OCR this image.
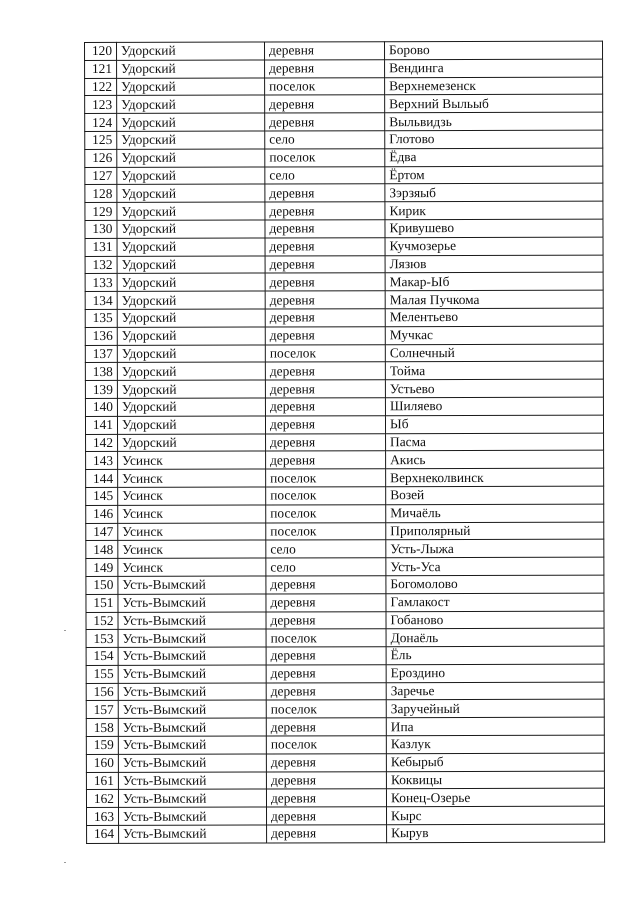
120	Удорский	деревня	Борово
121	Удорский	деревня	Вендинга
122	Удорский	поселок	Верхнемезенск
123	Удорский	деревня	Верхний Выльыб
124	Удорский	деревня	Выльвидзь
125	Удорский	село	Глотово
126	Удорский	поселок	Ёдва
127	Удорский	село	Ёртом
128	Удорский	деревня	Зэрзяыб
129	Удорский	деревня	Кирик
130	Удорский	деревня	Кривушево
131	Удорский	деревня	Кучмозерье
132	Удорский	деревня	Лязюв
133	Удорский	деревня	Макар-Ыб
134	Удорский	деревня	Малая Пучкома
135	Удорский	деревня	Мелентьево
136	Удорский	деревня	Мучкас
137	Удорский	поселок	Солнечный
138	Удорский	деревня	Тойма
139	Удорский	деревня	Устьево
140	Удорский	деревня	Шиляево
141	Удорский	деревня	Ыб
142	Удорский	деревня	Пасма
143	Усинск	деревня	Акись
144	Усинск	поселок	Верхнеколвинск
145	Усинск	поселок	Возей
146	Усинск	поселок	Мичаёль
147	Усинск	поселок	Приполярный
148	Усинск	село	Усть-Лыжа
149	Усинск	село	Усть-Уса
150	Усть-Вымский	деревня	Богомолово
151	Усть-Вымский	деревня	Гамлакост
152	Усть-Вымский	деревня	Гобаново
153	Усть-Вымский	поселок	Донаёль
154	Усть-Вымский	деревня	Ёль
155	Усть-Вымский	деревня	Ероздино
156	Усть-Вымский	деревня	Заречье
157	Усть-Вымский	поселок	Заручейный
158	Усть-Вымский	деревня	Ипа
159	Усть-Вымский	поселок	Казлук
160	Усть-Вымский	деревня	Кебырыб
161	Усть-Вымский	деревня	Коквицы
162	Усть-Вымский	деревня	Конец-Озерье
163	Усть-Вымский	деревня	Кырс
164	Усть-Вымский	деревня	Кырув
